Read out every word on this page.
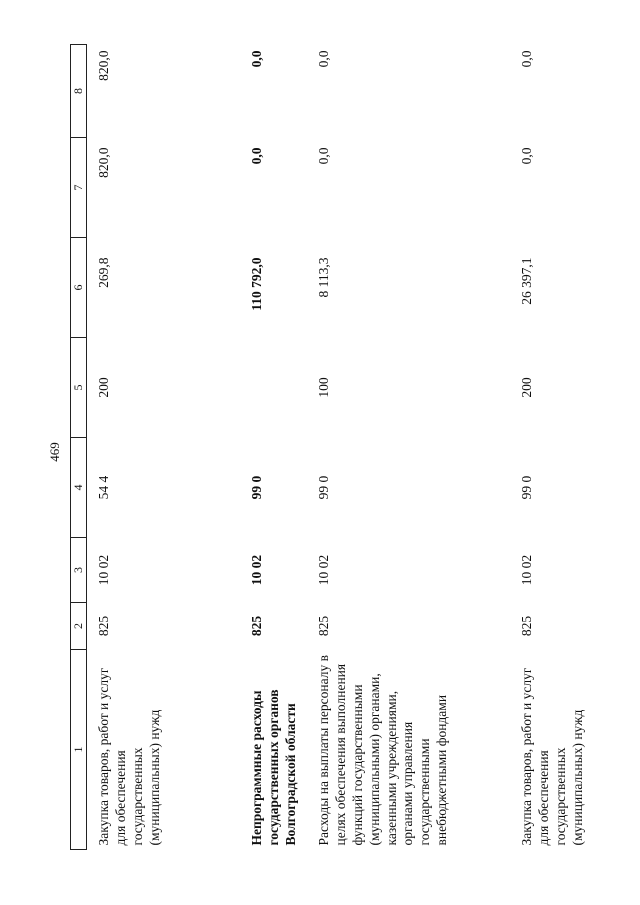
469
1	2	3	4	5	6	7	8
Закупка товаров, работ и услуг для обеспечения государственных (муниципальных) нужд	825	10 02	54 4	200	269,8	820,0	820,0
Непрограммные расходы государственных органов Волгоградской области	825	10 02	99 0		110 792,0	0,0	0,0
Расходы на выплаты персоналу в целях обеспечения выполнения функций государственными (муниципальными) органами, казенными учреждениями, органами управления государственными внебюджетными фондами	825	10 02	99 0	100	8 113,3	0,0	0,0
Закупка товаров, работ и услуг для обеспечения государственных (муниципальных) нужд	825	10 02	99 0	200	26 397,1	0,0	0,0
